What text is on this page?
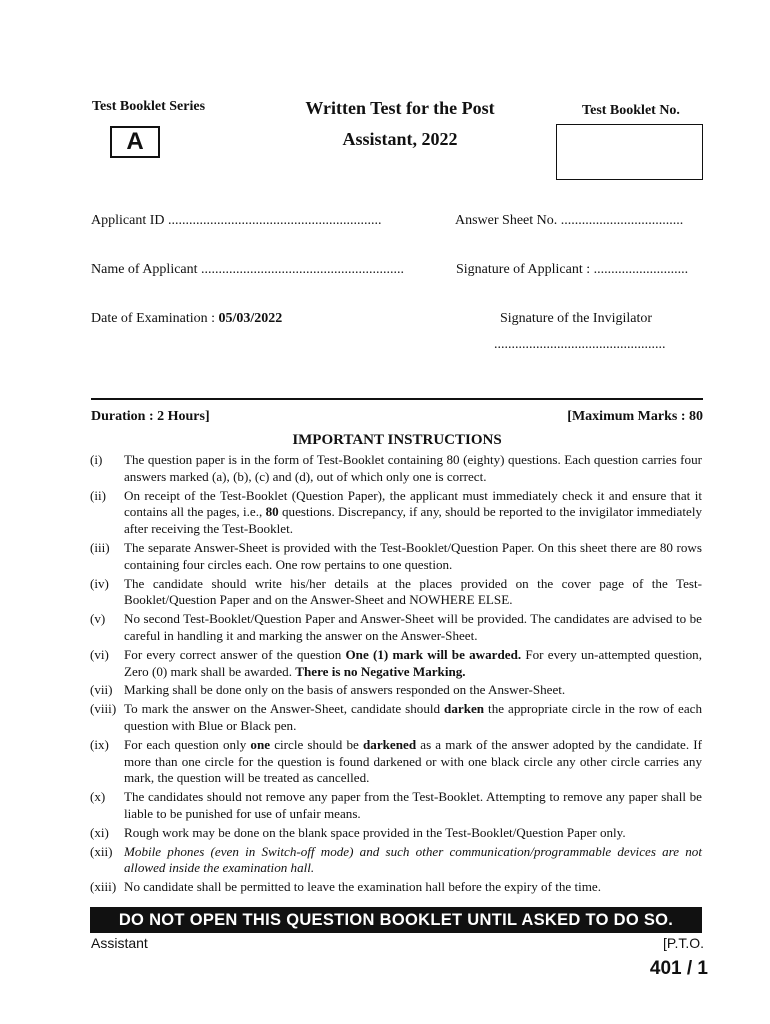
Test Booklet Series
A
Written Test for the Post
Assistant, 2022
Test Booklet No.
Applicant ID .............................................................	Answer Sheet No. ...................................
Name of Applicant ..........................................................	Signature of Applicant : ...........................
Date of Examination : 05/03/2022	Signature of the Invigilator
.................................................
Duration : 2 Hours]	[Maximum Marks : 80
IMPORTANT INSTRUCTIONS
(i) The question paper is in the form of Test-Booklet containing 80 (eighty) questions. Each question carries four answers marked (a), (b), (c) and (d), out of which only one is correct.
(ii) On receipt of the Test-Booklet (Question Paper), the applicant must immediately check it and ensure that it contains all the pages, i.e., 80 questions. Discrepancy, if any, should be reported to the invigilator immediately after receiving the Test-Booklet.
(iii) The separate Answer-Sheet is provided with the Test-Booklet/Question Paper. On this sheet there are 80 rows containing four circles each. One row pertains to one question.
(iv) The candidate should write his/her details at the places provided on the cover page of the Test-Booklet/Question Paper and on the Answer-Sheet and NOWHERE ELSE.
(v) No second Test-Booklet/Question Paper and Answer-Sheet will be provided. The candidates are advised to be careful in handling it and marking the answer on the Answer-Sheet.
(vi) For every correct answer of the question One (1) mark will be awarded. For every un-attempted question, Zero (0) mark shall be awarded. There is no Negative Marking.
(vii) Marking shall be done only on the basis of answers responded on the Answer-Sheet.
(viii) To mark the answer on the Answer-Sheet, candidate should darken the appropriate circle in the row of each question with Blue or Black pen.
(ix) For each question only one circle should be darkened as a mark of the answer adopted by the candidate. If more than one circle for the question is found darkened or with one black circle any other circle carries any mark, the question will be treated as cancelled.
(x) The candidates should not remove any paper from the Test-Booklet. Attempting to remove any paper shall be liable to be punished for use of unfair means.
(xi) Rough work may be done on the blank space provided in the Test-Booklet/Question Paper only.
(xii) Mobile phones (even in Switch-off mode) and such other communication/programmable devices are not allowed inside the examination hall.
(xiii) No candidate shall be permitted to leave the examination hall before the expiry of the time.
DO NOT OPEN THIS QUESTION BOOKLET UNTIL ASKED TO DO SO.
Assistant	[P.T.O.
401 / 1
